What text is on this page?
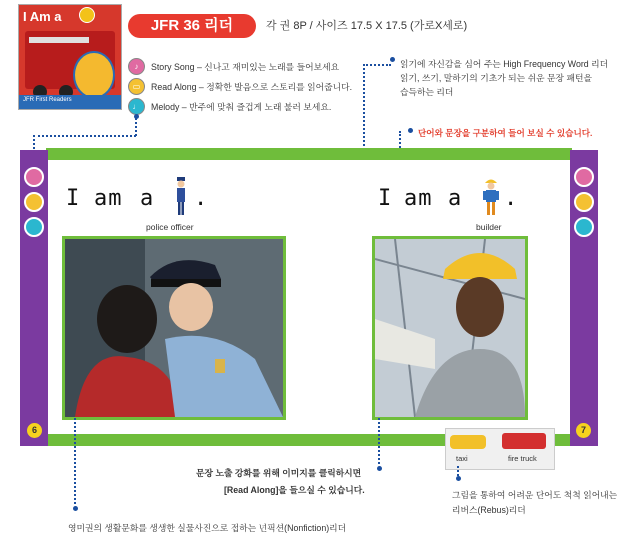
I Am a
JFR First Readers
JFR 36 리더	각 권 8P / 사이즈 17.5 X 17.5 (가로X세로)
♪	Story Song – 신나고 재미있는 노래를 들어보세요
▭	Read Along – 정확한 발음으로 스토리를 읽어줍니다.
♩	Melody – 반주에 맞춰 즐겁게 노래 불러 보세요.
읽기에 자신감을 심어 주는 High Frequency Word 리더
읽기, 쓰기, 말하기의 기초가 되는 쉬운 문장 패턴을
습득하는 리더
단어와 문장을 구분하여 들어 보실 수 있습니다.
6	7
I am a .
police officer
I am a .
builder
taxi	fire truck
문장 노출 강화를 위해 이미지를 클릭하시면
[Read Along]을 들으실 수 있습니다.	그림을 통하여 어려운 단어도 척척 읽어내는
리버스(Rebus)리더
영미권의 생활문화를 생생한 실물사진으로 접하는 넌픽션(Nonfiction)리더
